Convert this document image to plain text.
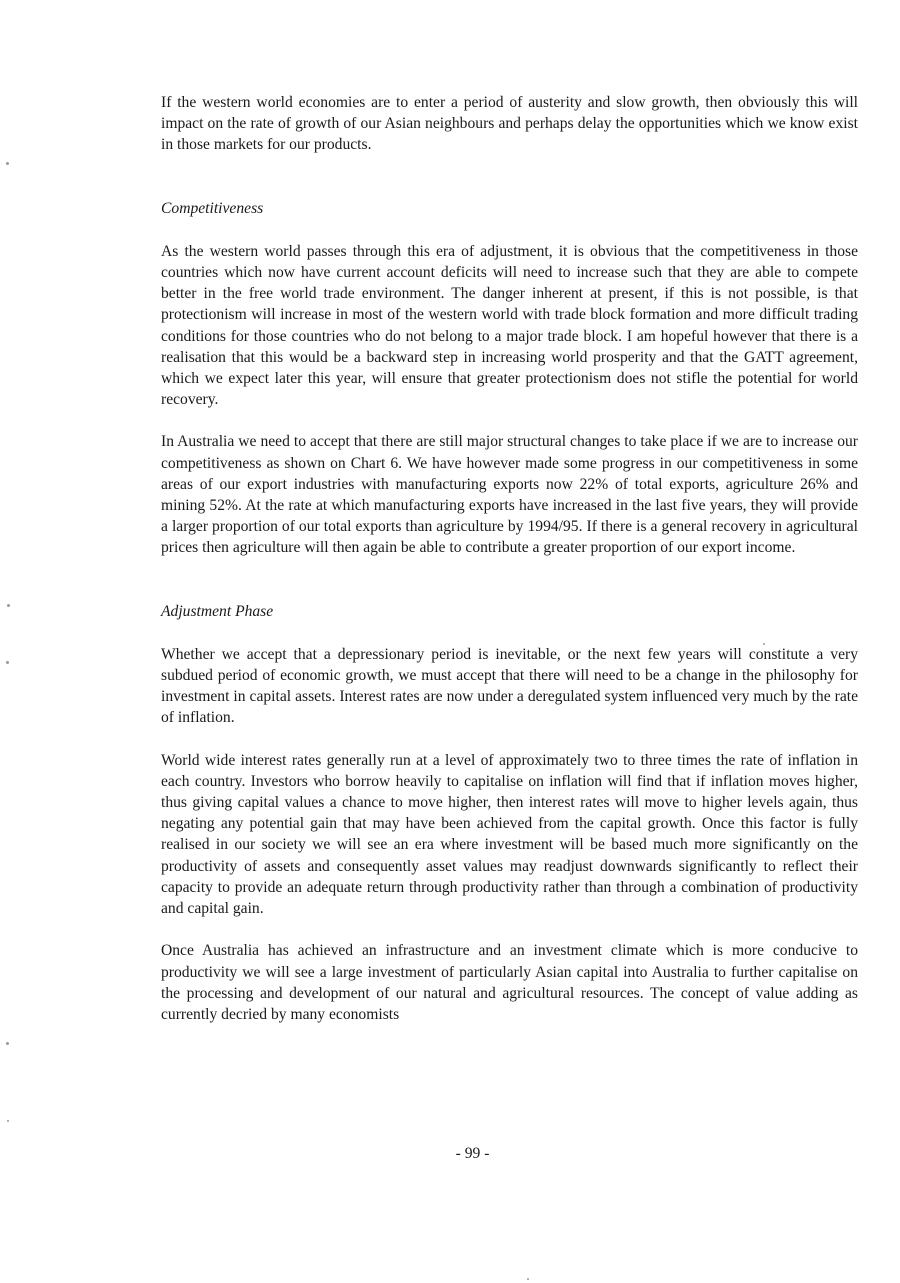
If the western world economies are to enter a period of austerity and slow growth, then obviously this will impact on the rate of growth of our Asian neighbours and perhaps delay the opportunities which we know exist in those markets for our products.

Competitiveness

As the western world passes through this era of adjustment, it is obvious that the competitiveness in those countries which now have current account deficits will need to increase such that they are able to compete better in the free world trade environment. The danger inherent at present, if this is not possible, is that protectionism will increase in most of the western world with trade block formation and more difficult trading conditions for those countries who do not belong to a major trade block. I am hopeful however that there is a realisation that this would be a backward step in increasing world prosperity and that the GATT agreement, which we expect later this year, will ensure that greater protectionism does not stifle the potential for world recovery.

In Australia we need to accept that there are still major structural changes to take place if we are to increase our competitiveness as shown on Chart 6. We have however made some progress in our competitiveness in some areas of our export industries with manufacturing exports now 22% of total exports, agriculture 26% and mining 52%. At the rate at which manufacturing exports have increased in the last five years, they will provide a larger proportion of our total exports than agriculture by 1994/95. If there is a general recovery in agricultural prices then agriculture will then again be able to contribute a greater proportion of our export income.

Adjustment Phase

Whether we accept that a depressionary period is inevitable, or the next few years will constitute a very subdued period of economic growth, we must accept that there will need to be a change in the philosophy for investment in capital assets. Interest rates are now under a deregulated system influenced very much by the rate of inflation.

World wide interest rates generally run at a level of approximately two to three times the rate of inflation in each country. Investors who borrow heavily to capitalise on inflation will find that if inflation moves higher, thus giving capital values a chance to move higher, then interest rates will move to higher levels again, thus negating any potential gain that may have been achieved from the capital growth. Once this factor is fully realised in our society we will see an era where investment will be based much more significantly on the productivity of assets and consequently asset values may readjust downwards significantly to reflect their capacity to provide an adequate return through productivity rather than through a combination of productivity and capital gain.

Once Australia has achieved an infrastructure and an investment climate which is more conducive to productivity we will see a large investment of particularly Asian capital into Australia to further capitalise on the processing and development of our natural and agricultural resources. The concept of value adding as currently decried by many economists

- 99 -
